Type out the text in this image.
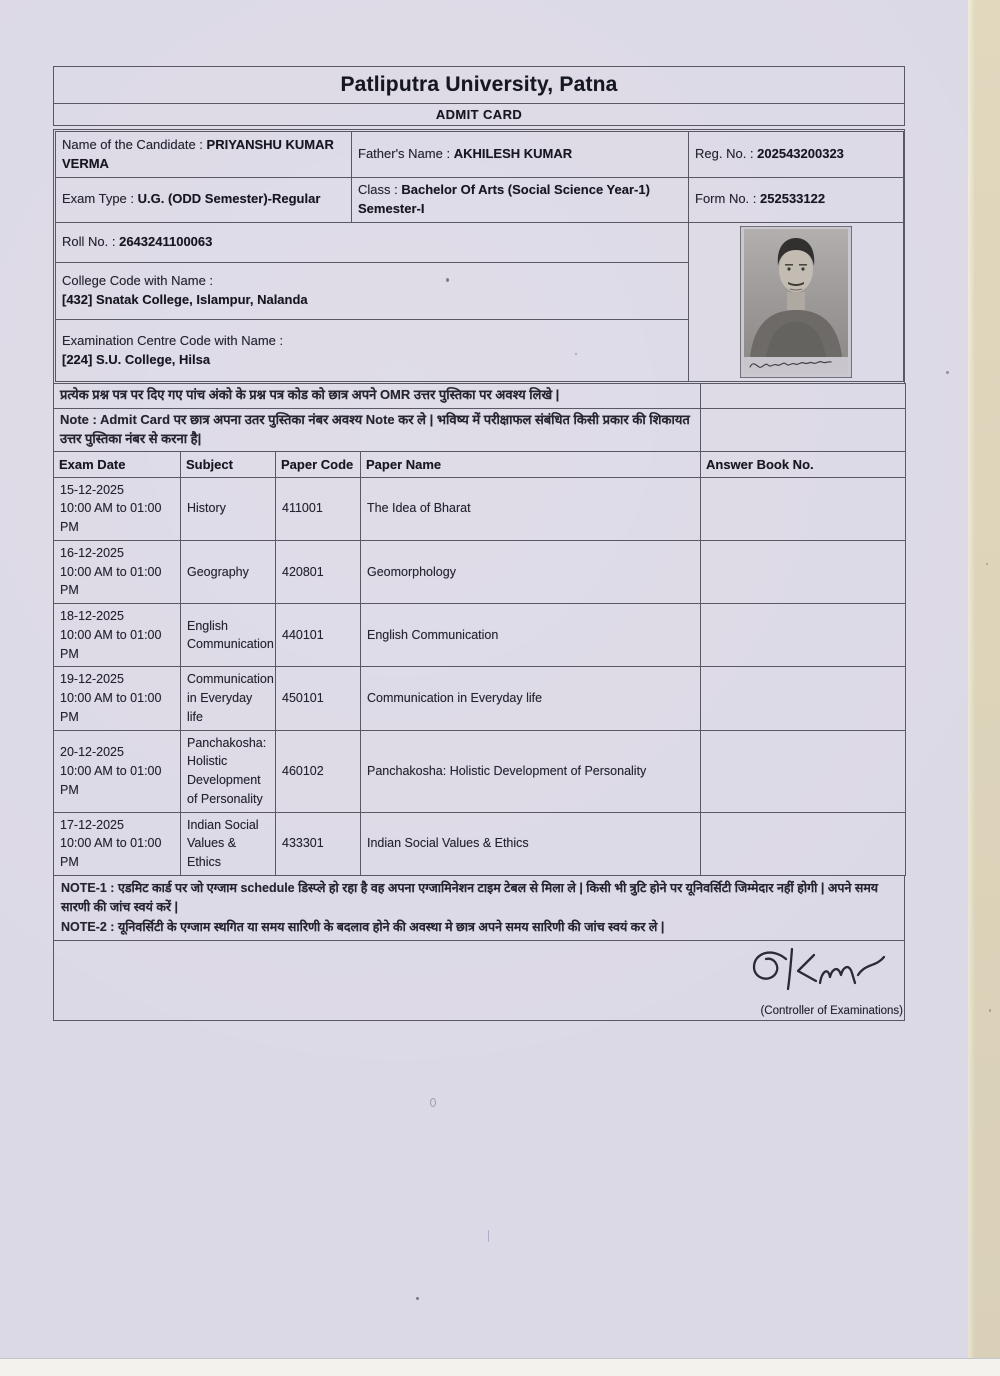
Patliputra University, Patna
ADMIT CARD
Name of the Candidate : PRIYANSHU KUMAR VERMA	Father's Name : AKHILESH KUMAR	Reg. No. : 202543200323
Exam Type : U.G. (ODD Semester)-Regular	Class : Bachelor Of Arts (Social Science Year-1) Semester-I	Form No. : 252533122
Roll No. : 2643241100063	

College Code with Name :
[432] Snatak College, Islampur, Nalanda		

Examination Centre Code with Name :
[224] S.U. College, Hilsa		
प्रत्येक प्रश्न पत्र पर दिए गए पांच अंको के प्रश्न पत्र कोड को छात्र अपने OMR उत्तर पुस्तिका पर अवश्य लिखे |	
Note : Admit Card पर छात्र अपना उतर पुस्तिका नंबर अवश्य Note कर ले | भविष्य में परीक्षाफल संबंधित किसी प्रकार की शिकायत उत्तर पुस्तिका नंबर से करना है|	
Exam Date	Subject	Paper Code	Paper Name	Answer Book No.

15-12-2025
10:00 AM to 01:00 PM	History	411001	The Idea of Bharat	

16-12-2025
10:00 AM to 01:00 PM	Geography	420801	Geomorphology	

18-12-2025
10:00 AM to 01:00 PM	English Communication	440101	English Communication	

19-12-2025
10:00 AM to 01:00 PM	Communication in Everyday life	450101	Communication in Everyday life	

20-12-2025
10:00 AM to 01:00 PM	Panchakosha: Holistic Development of Personality	460102	Panchakosha: Holistic Development of Personality	

17-12-2025
10:00 AM to 01:00 PM	Indian Social Values & Ethics	433301	Indian Social Values & Ethics	

NOTE-1 : एडमिट कार्ड पर जो एग्जाम schedule डिस्प्ले हो रहा है वह अपना एग्जामिनेशन टाइम टेबल से मिला ले | किसी भी त्रुटि होने पर यूनिवर्सिटी जिम्मेदार नहीं होगी | अपने समय सारणी की जांच स्वयं करें |

NOTE-2 : यूनिवर्सिटी के एग्जाम स्थगित या समय सारिणी के बदलाव होने की अवस्था मे छात्र अपने समय सारिणी की जांच स्वयं कर ले |

(Controller of Examinations)
